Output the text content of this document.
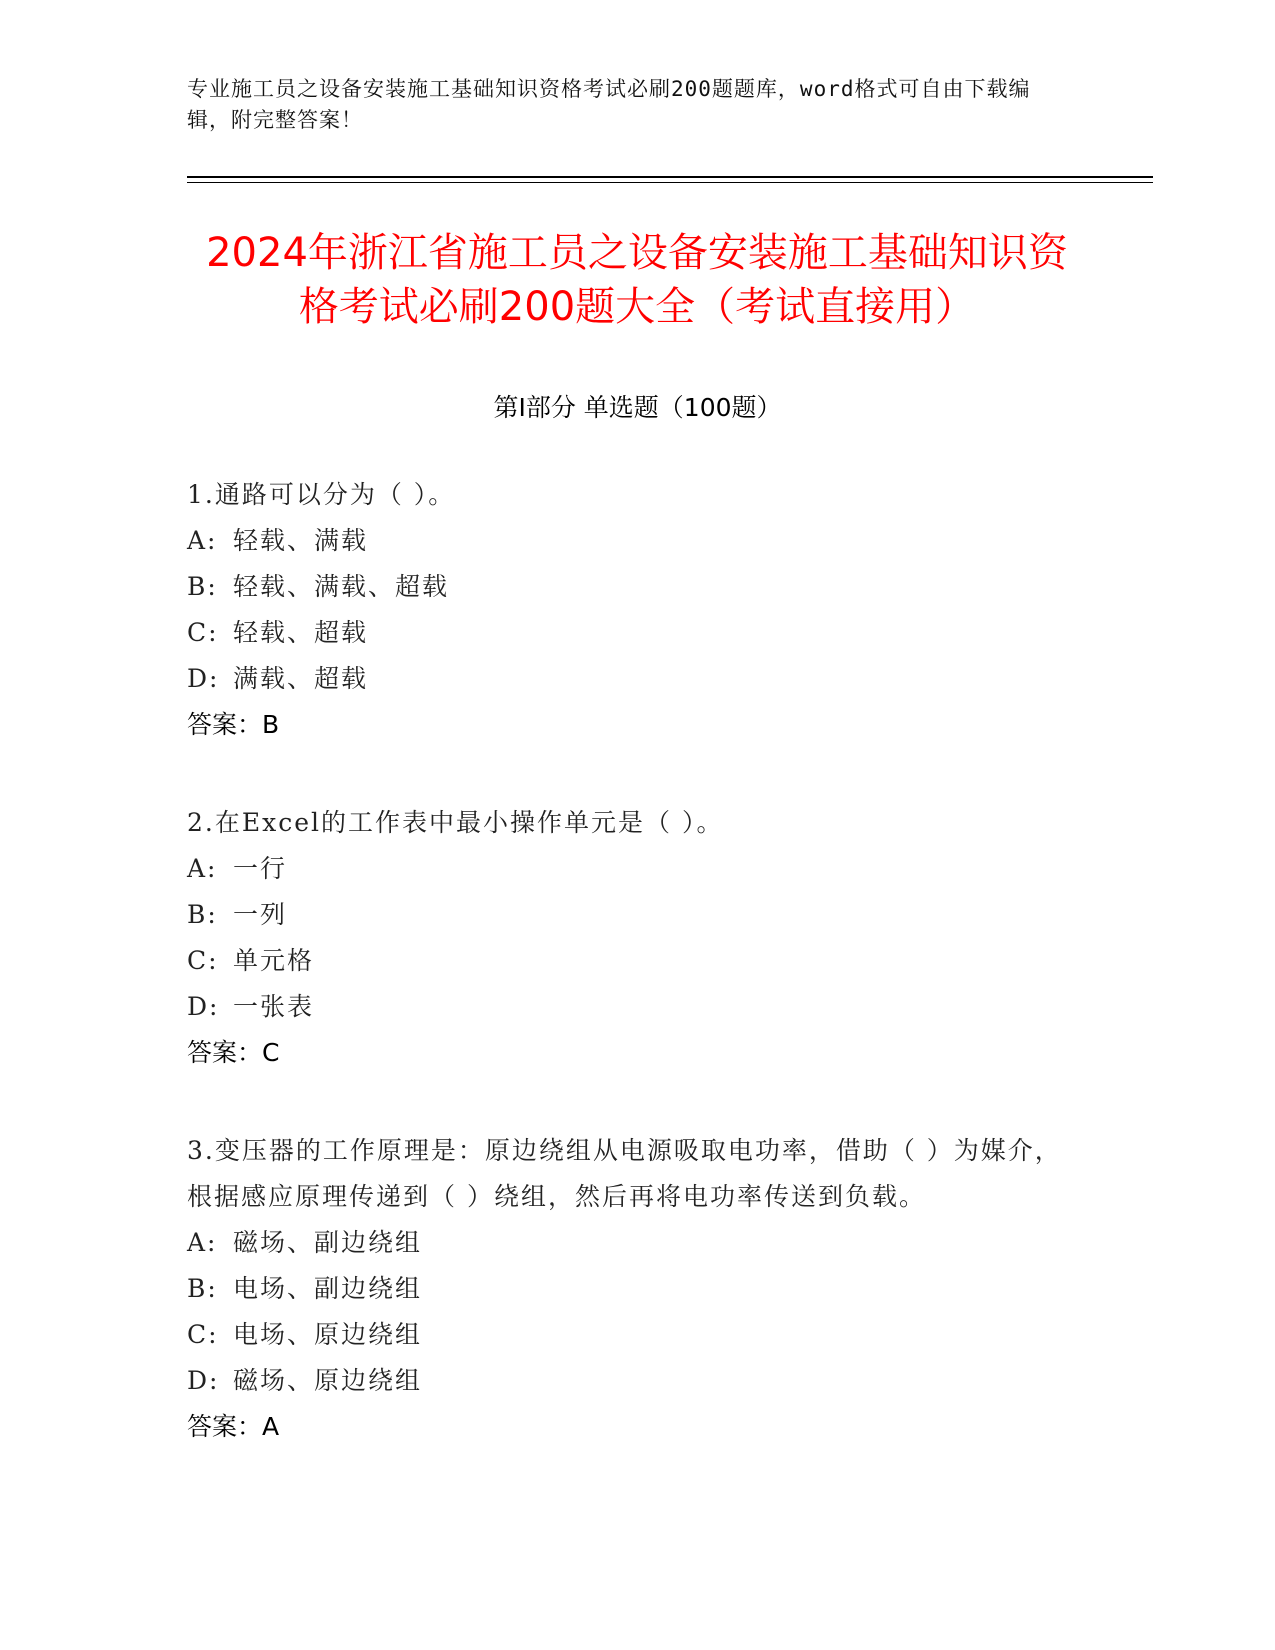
专业施工员之设备安装施工基础知识资格考试必刷200题题库，word格式可自由下载编辑，附完整答案！
2024年浙江省施工员之设备安装施工基础知识资格考试必刷200题大全（考试直接用）
第Ⅰ部分 单选题（100题）
1.通路可以分为（ ）。
A: 轻载、满载
B: 轻载、满载、超载
C: 轻载、超载
D: 满载、超载
答案：B
2.在Excel的工作表中最小操作单元是（ ）。
A: 一行
B: 一列
C: 单元格
D: 一张表
答案：C
3.变压器的工作原理是：原边绕组从电源吸取电功率，借助（ ）为媒介，根据感应原理传递到（ ）绕组，然后再将电功率传送到负载。
A: 磁场、副边绕组
B: 电场、副边绕组
C: 电场、原边绕组
D: 磁场、原边绕组
答案：A
